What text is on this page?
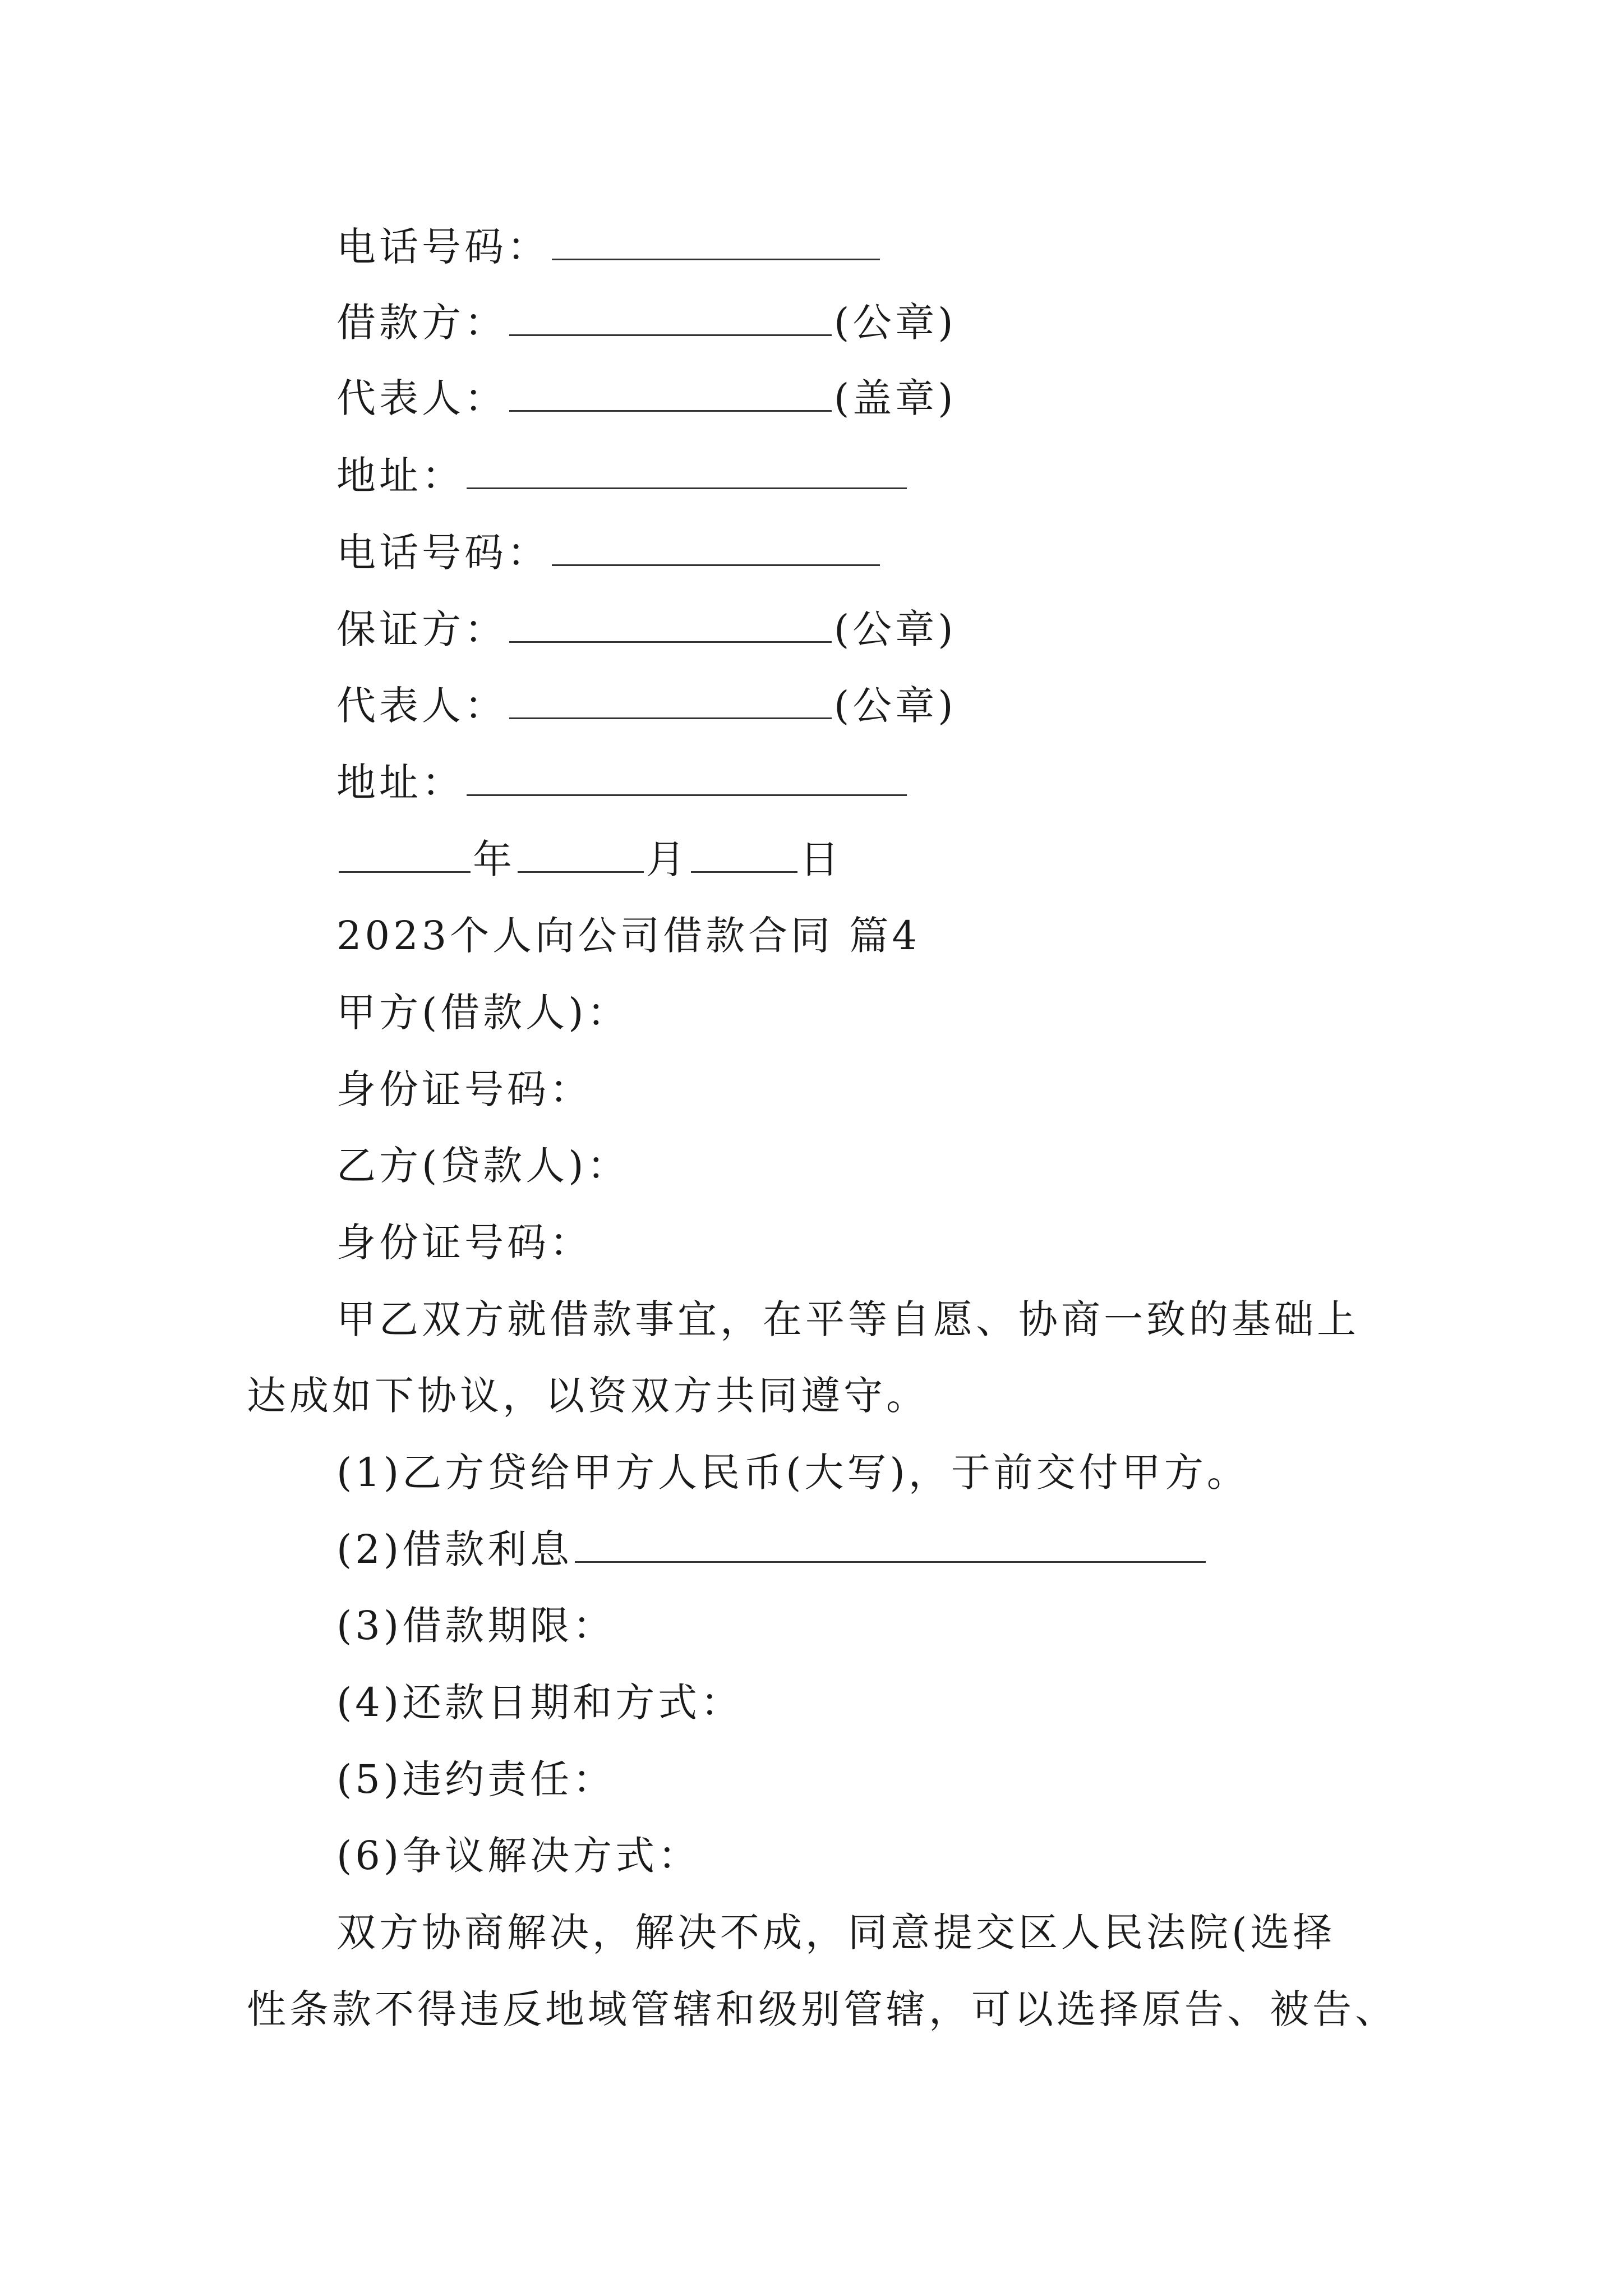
电话号码：
借款方：	(公章)
代表人：	(盖章)
地址：
电话号码：
保证方：	(公章)
代表人：	(公章)
地址：
年	月	日
2023个人向公司借款合同 篇4
甲方(借款人)：
身份证号码：
乙方(贷款人)：
身份证号码：
甲乙双方就借款事宜，在平等自愿、协商一致的基础上
达成如下协议，以资双方共同遵守。
(1)乙方贷给甲方人民币(大写)，于前交付甲方。
(2)借款利息
(3)借款期限：
(4)还款日期和方式：
(5)违约责任：
(6)争议解决方式：
双方协商解决，解决不成，同意提交区人民法院(选择
性条款不得违反地域管辖和级别管辖，可以选择原告、被告、
